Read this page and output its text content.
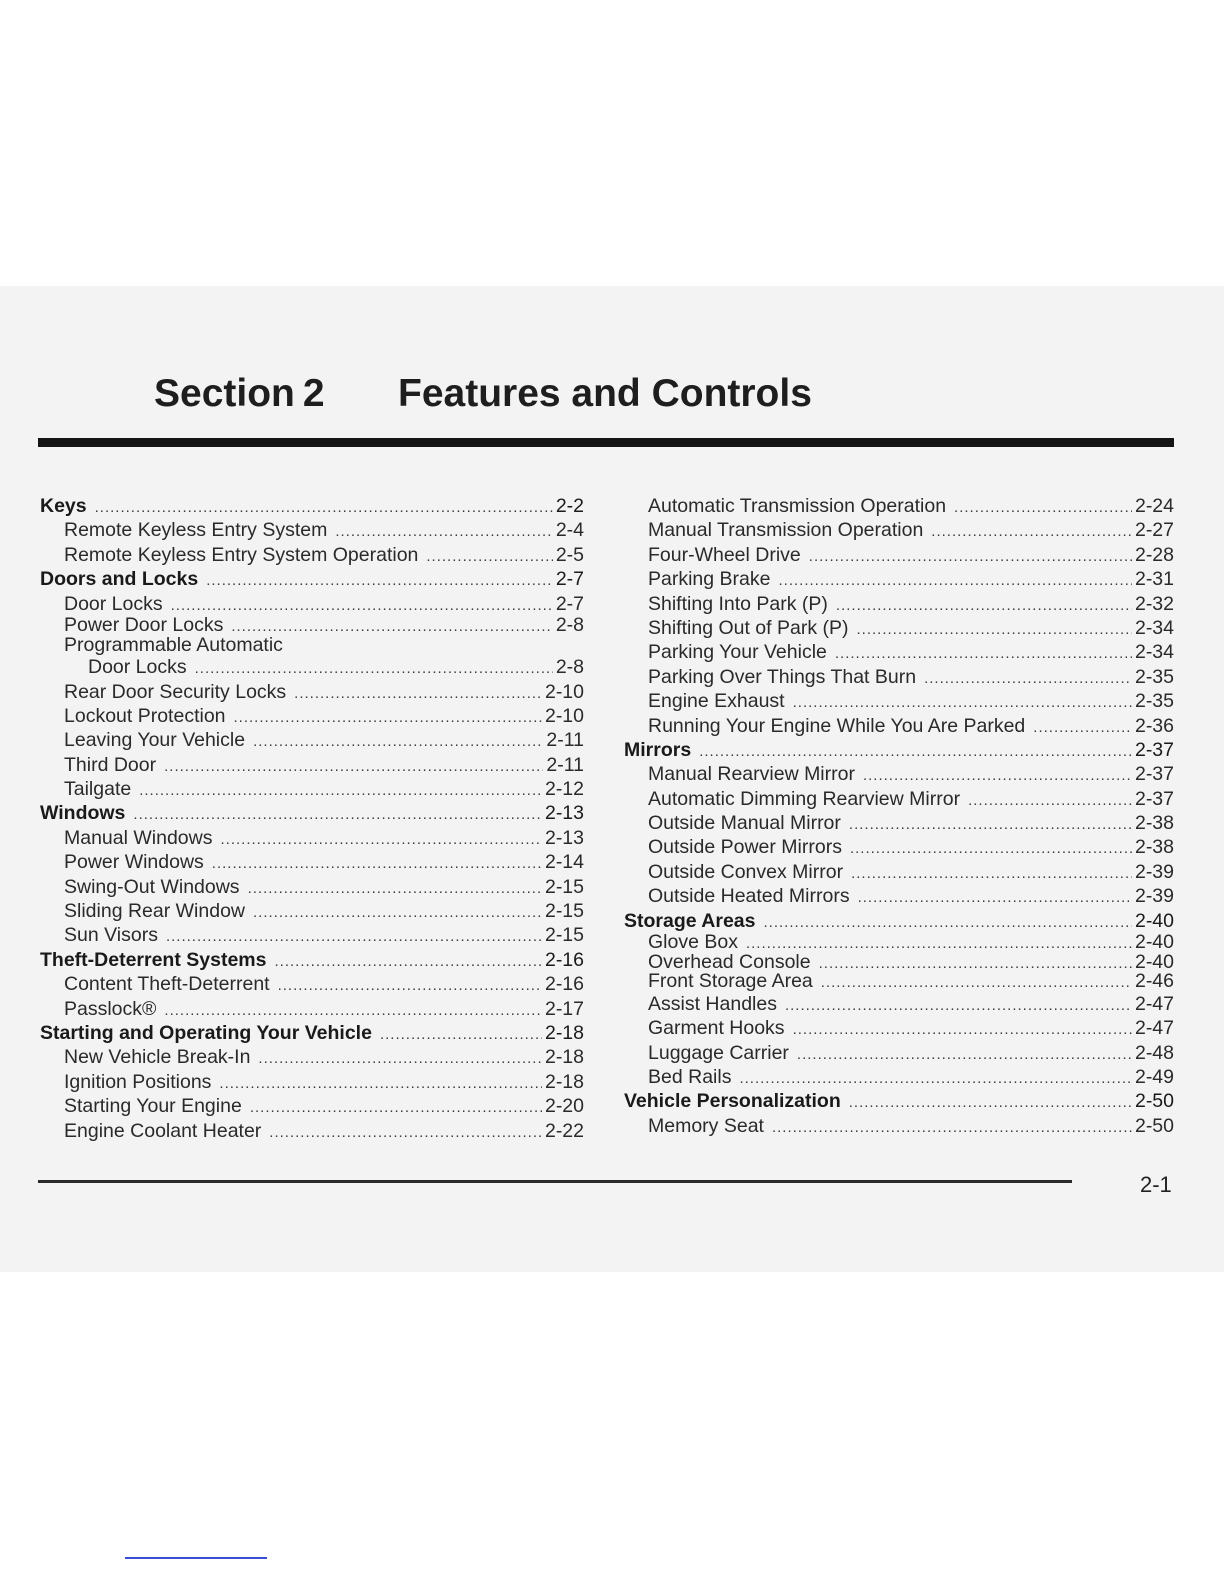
Section 2 Features and Controls
Keys .....	2-2
Remote Keyless Entry System .....	2-4
Remote Keyless Entry System Operation .....	2-5
Doors and Locks .....	2-7
Door Locks .....	2-7
Power Door Locks .....	2-8
Programmable Automatic
Door Locks .....	2-8
Rear Door Security Locks .....	2-10
Lockout Protection .....	2-10
Leaving Your Vehicle .....	2-11
Third Door .....	2-11
Tailgate .....	2-12
Windows .....	2-13
Manual Windows .....	2-13
Power Windows .....	2-14
Swing-Out Windows .....	2-15
Sliding Rear Window .....	2-15
Sun Visors .....	2-15
Theft-Deterrent Systems .....	2-16
Content Theft-Deterrent .....	2-16
Passlock® .....	2-17
Starting and Operating Your Vehicle .....	2-18
New Vehicle Break-In .....	2-18
Ignition Positions .....	2-18
Starting Your Engine .....	2-20
Engine Coolant Heater .....	2-22
Automatic Transmission Operation .....	2-24
Manual Transmission Operation .....	2-27
Four-Wheel Drive .....	2-28
Parking Brake .....	2-31
Shifting Into Park (P) .....	2-32
Shifting Out of Park (P) .....	2-34
Parking Your Vehicle .....	2-34
Parking Over Things That Burn .....	2-35
Engine Exhaust .....	2-35
Running Your Engine While You Are Parked .....	2-36
Mirrors .....	2-37
Manual Rearview Mirror .....	2-37
Automatic Dimming Rearview Mirror .....	2-37
Outside Manual Mirror .....	2-38
Outside Power Mirrors .....	2-38
Outside Convex Mirror .....	2-39
Outside Heated Mirrors .....	2-39
Storage Areas .....	2-40
Glove Box .....	2-40
Overhead Console .....	2-40
Front Storage Area .....	2-46
Assist Handles .....	2-47
Garment Hooks .....	2-47
Luggage Carrier .....	2-48
Bed Rails .....	2-49
Vehicle Personalization .....	2-50
Memory Seat .....	2-50
2-1
